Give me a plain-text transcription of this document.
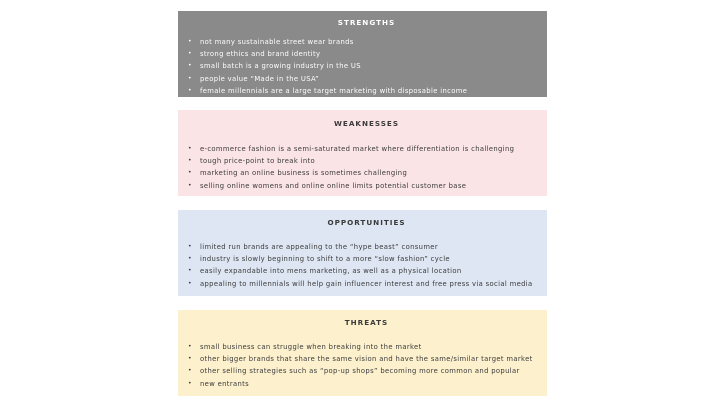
STRENGTHS
• not many sustainable street wear brands
• strong ethics and brand identity
• small batch is a growing industry in the US
• people value “Made in the USA”
• female millennials are a large target marketing with disposable income
WEAKNESSES
• e-commerce fashion is a semi-saturated market where differentiation is challenging
• tough price-point to break into
• marketing an online business is sometimes challenging
• selling online womens and online online limits potential customer base
OPPORTUNITIES
• limited run brands are appealing to the “hype beast” consumer
• industry is slowly beginning to shift to a more “slow fashion” cycle
• easily expandable into mens marketing, as well as a physical location
• appealing to millennials will help gain influencer interest and free press via social media
THREATS
• small business can struggle when breaking into the market
• other bigger brands that share the same vision and have the same/similar target market
• other selling strategies such as “pop-up shops” becoming more common and popular
• new entrants
